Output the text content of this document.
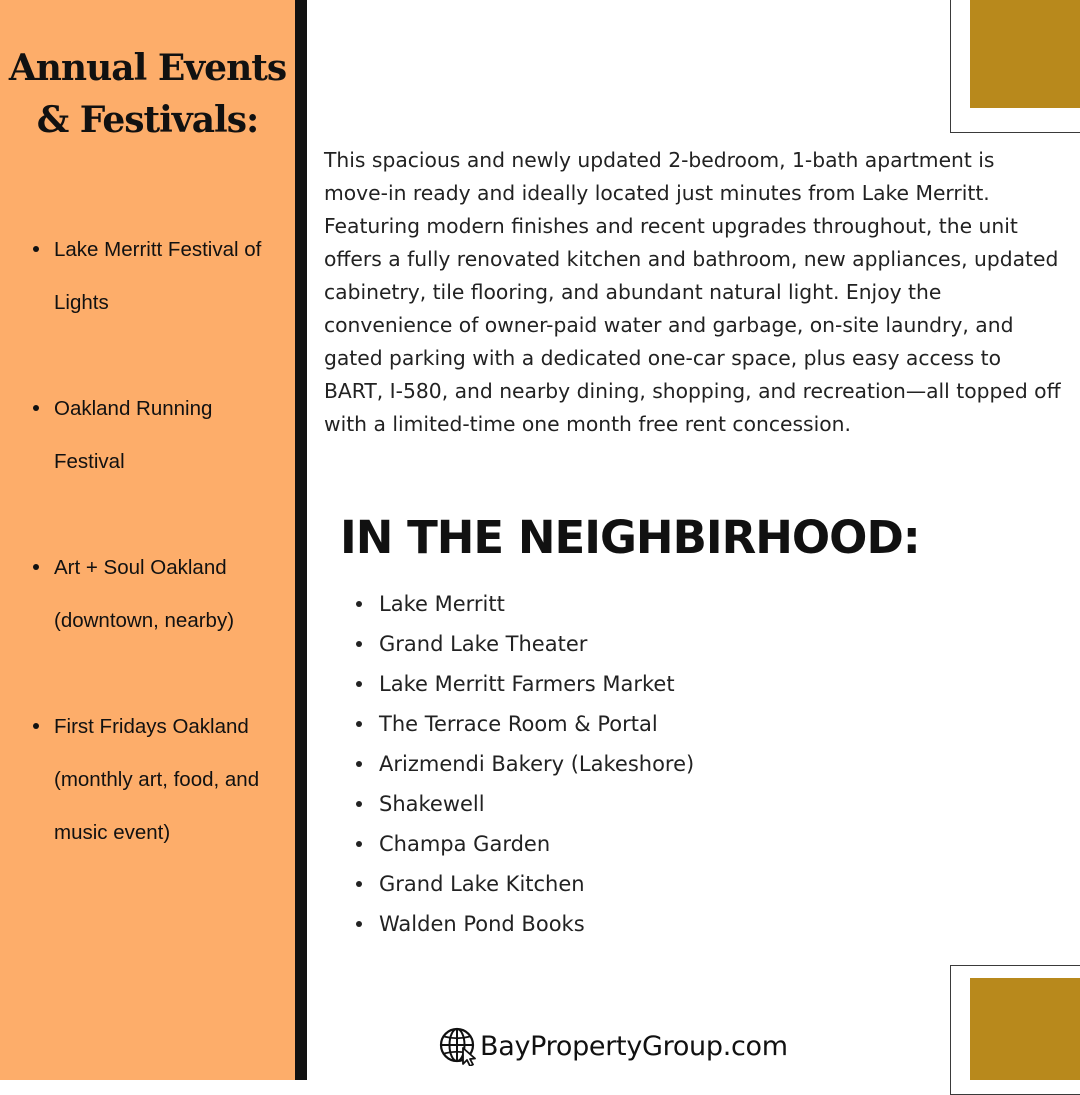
Annual Events
& Festivals:
Lake Merritt Festival of Lights
Oakland Running Festival
Art + Soul Oakland (downtown, nearby)
First Fridays Oakland (monthly art, food, and music event)

This spacious and newly updated 2-bedroom, 1-bath apartment is move-in ready and ideally located just minutes from Lake Merritt. Featuring modern finishes and recent upgrades throughout, the unit offers a fully renovated kitchen and bathroom, new appliances, updated cabinetry, tile flooring, and abundant natural light. Enjoy the convenience of owner-paid water and garbage, on-site laundry, and gated parking with a dedicated one-car space, plus easy access to BART, I-580, and nearby dining, shopping, and recreation—all topped off with a limited-time one month free rent concession.

IN THE NEIGHBIRHOOD:
Lake Merritt
Grand Lake Theater
Lake Merritt Farmers Market
The Terrace Room & Portal
Arizmendi Bakery (Lakeshore)
Shakewell
Champa Garden
Grand Lake Kitchen
Walden Pond Books
BayPropertyGroup.com
